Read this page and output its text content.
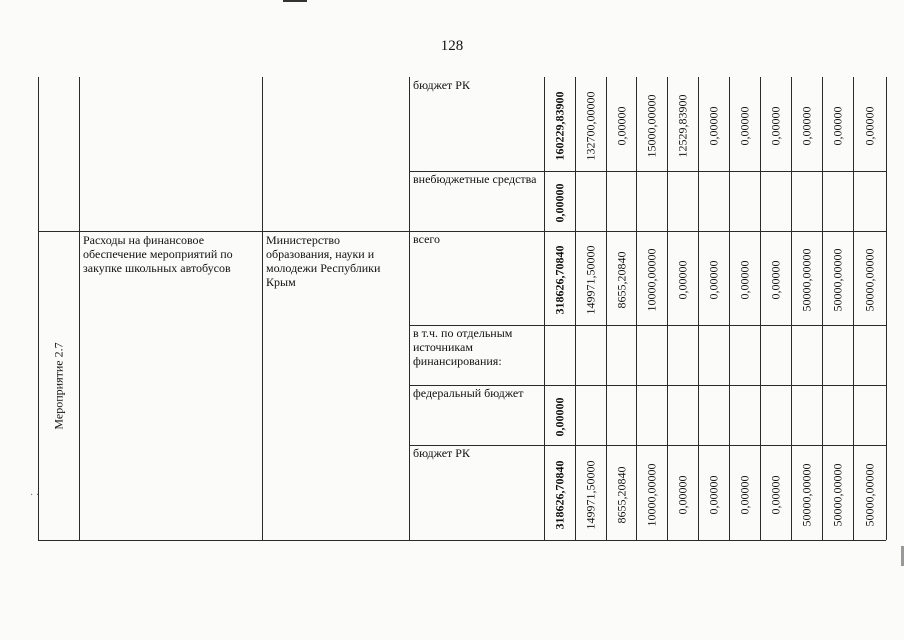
128
бюджет РК
160229,83900 132700,00000 0,00000 15000,00000 12529,83900 0,00000 0,00000 0,00000 0,00000 0,00000 0,00000
внебюджетные средства
0,00000
Мероприятие 2.7
Расходы на финансовое обеспечение мероприятий по закупке школьных автобусов
Министерство образования, науки и молодежи Республики Крым
всего
318626,70840 149971,50000 8655,20840 10000,00000 0,00000 0,00000 0,00000 0,00000 50000,00000 50000,00000 50000,00000
в т.ч. по отдельным источникам финансирования:
федеральный бюджет
0,00000
бюджет РК
318626,70840 149971,50000 8655,20840 10000,00000 0,00000 0,00000 0,00000 0,00000 50000,00000 50000,00000 50000,00000
· ·
